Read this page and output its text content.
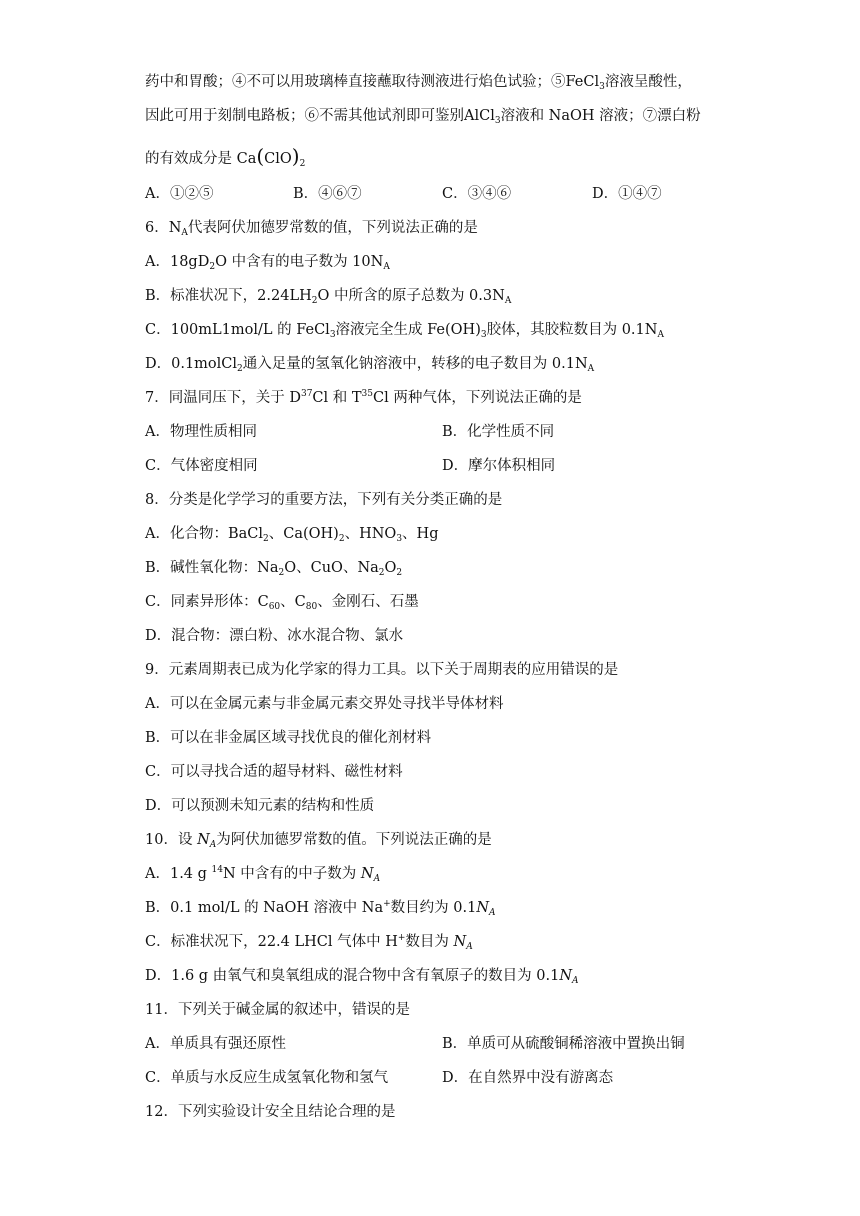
药中和胃酸；④不可以用玻璃棒直接蘸取待测液进行焰色试验；⑤FeCl$_3$溶液呈酸性，
因此可用于刻制电路板；⑥不需其他试剂即可鉴别AlCl$_3$溶液和 NaOH 溶液；⑦漂白粉
的有效成分是 $Ca(ClO)_2$
A．①②⑤	B．④⑥⑦	C．③④⑥	D．①④⑦
6．$N_A$代表阿伏加德罗常数的值，下列说法正确的是
A．$18gD_2O$ 中含有的电子数为 $10N_A$
B．标准状况下，$2.24LH_2O$ 中所含的原子总数为 $0.3N_A$
C．100mL1mol/L 的 FeCl$_3$溶液完全生成 $Fe(OH)_3$胶体，其胶粒数目为 $0.1N_A$
D．0.1molCl$_2$通入足量的氢氧化钠溶液中，转移的电子数目为 $0.1N_A$
7．同温同压下，关于 $D^{37}Cl$ 和 $T^{35}Cl$ 两种气体，下列说法正确的是
A．物理性质相同	B．化学性质不同
C．气体密度相同	D．摩尔体积相同
8．分类是化学学习的重要方法，下列有关分类正确的是
A．化合物：BaCl$_2$、$Ca(OH)_2$、$HNO_3$、Hg
B．碱性氧化物：$Na_2O$、CuO、$Na_2O_2$
C．同素异形体：$C_{60}$、$C_{80}$、金刚石、石墨
D．混合物：漂白粉、冰水混合物、氯水
9．元素周期表已成为化学家的得力工具。以下关于周期表的应用错误的是
A．可以在金属元素与非金属元素交界处寻找半导体材料
B．可以在非金属区域寻找优良的催化剂材料
C．可以寻找合适的超导材料、磁性材料
D．可以预测未知元素的结构和性质
10．设 $N_A$为阿伏加德罗常数的值。下列说法正确的是
A．1.4 g $^{14}$N 中含有的中子数为 $N_A$
B．0.1 mol/L 的 NaOH 溶液中 Na+数目约为 $0.1N_A$
C．标准状况下，22.4 LHCl 气体中 H+数目为 $N_A$
D．1.6 g 由氧气和臭氧组成的混合物中含有氧原子的数目为 $0.1N_A$
11．下列关于碱金属的叙述中，错误的是
A．单质具有强还原性	B．单质可从硫酸铜稀溶液中置换出铜
C．单质与水反应生成氢氧化物和氢气	D．在自然界中没有游离态
12．下列实验设计安全且结论合理的是
